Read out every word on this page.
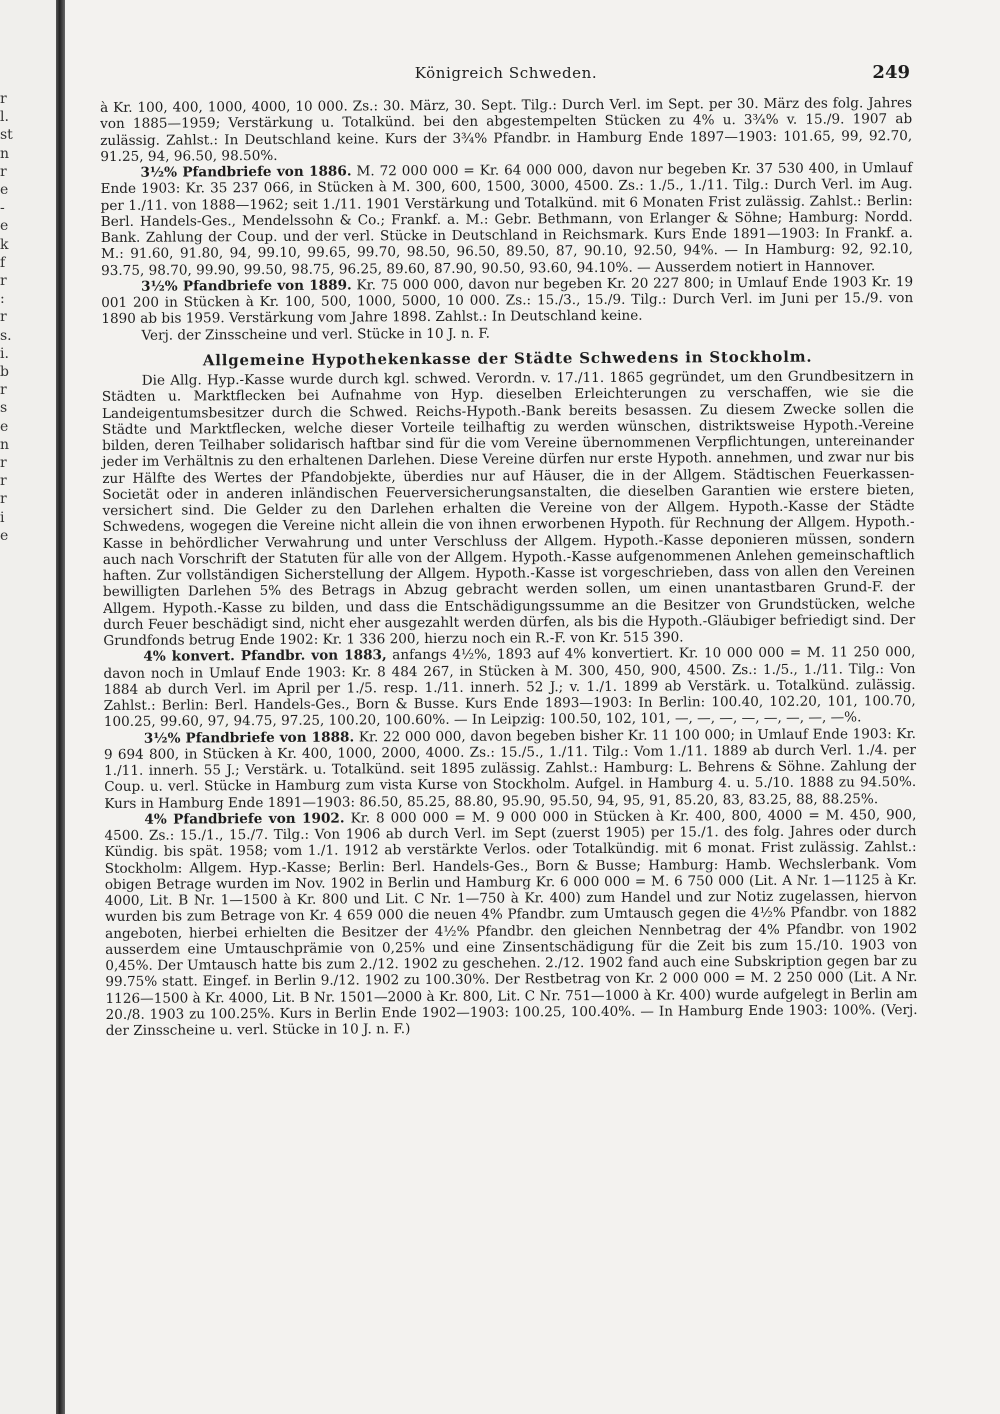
r
l.
st
n
r
e
-
e
k
f
r
:
r
s.
i.
b
r
s
e
n
r
r
r
i
e
Königreich Schweden.	249

à Kr. 100, 400, 1000, 4000, 10 000. Zs.: 30. März, 30. Sept. Tilg.: Durch Verl. im Sept. per 30. März des folg. Jahres von 1885—1959; Verstärkung u. Totalkünd. bei den abgestempelten Stücken zu 4% u. 3¾% v. 15./9. 1907 ab zulässig. Zahlst.: In Deutschland keine. Kurs der 3¾% Pfandbr. in Hamburg Ende 1897—1903: 101.65, 99, 92.70, 91.25, 94, 96.50, 98.50%.

3½% Pfandbriefe von 1886. M. 72 000 000 = Kr. 64 000 000, davon nur begeben Kr. 37 530 400, in Umlauf Ende 1903: Kr. 35 237 066, in Stücken à M. 300, 600, 1500, 3000, 4500. Zs.: 1./5., 1./11. Tilg.: Durch Verl. im Aug. per 1./11. von 1888—1962; seit 1./11. 1901 Verstärkung und Totalkünd. mit 6 Monaten Frist zulässig. Zahlst.: Berlin: Berl. Handels-Ges., Mendelssohn & Co.; Frankf. a. M.: Gebr. Bethmann, von Erlanger & Söhne; Hamburg: Nordd. Bank. Zahlung der Coup. und der verl. Stücke in Deutschland in Reichsmark. Kurs Ende 1891—1903: In Frankf. a. M.: 91.60, 91.80, 94, 99.10, 99.65, 99.70, 98.50, 96.50, 89.50, 87, 90.10, 92.50, 94%. — In Hamburg: 92, 92.10, 93.75, 98.70, 99.90, 99.50, 98.75, 96.25, 89.60, 87.90, 90.50, 93.60, 94.10%. — Ausserdem notiert in Hannover.

3½% Pfandbriefe von 1889. Kr. 75 000 000, davon nur begeben Kr. 20 227 800; in Umlauf Ende 1903 Kr. 19 001 200 in Stücken à Kr. 100, 500, 1000, 5000, 10 000. Zs.: 15./3., 15./9. Tilg.: Durch Verl. im Juni per 15./9. von 1890 ab bis 1959. Verstärkung vom Jahre 1898. Zahlst.: In Deutschland keine.

Verj. der Zinsscheine und verl. Stücke in 10 J. n. F.

Allgemeine Hypothekenkasse der Städte Schwedens in Stockholm.

Die Allg. Hyp.-Kasse wurde durch kgl. schwed. Verordn. v. 17./11. 1865 gegründet, um den Grundbesitzern in Städten u. Marktflecken bei Aufnahme von Hyp. dieselben Erleichterungen zu verschaffen, wie sie die Landeigentumsbesitzer durch die Schwed. Reichs-Hypoth.-Bank bereits besassen. Zu diesem Zwecke sollen die Städte und Marktflecken, welche dieser Vorteile teilhaftig zu werden wünschen, distriktsweise Hypoth.-Vereine bilden, deren Teilhaber solidarisch haftbar sind für die vom Vereine übernommenen Verpflichtungen, untereinander jeder im Verhältnis zu den erhaltenen Darlehen. Diese Vereine dürfen nur erste Hypoth. annehmen, und zwar nur bis zur Hälfte des Wertes der Pfandobjekte, überdies nur auf Häuser, die in der Allgem. Städtischen Feuerkassen-Societät oder in anderen inländischen Feuerversicherungsanstalten, die dieselben Garantien wie erstere bieten, versichert sind. Die Gelder zu den Darlehen erhalten die Vereine von der Allgem. Hypoth.-Kasse der Städte Schwedens, wogegen die Vereine nicht allein die von ihnen erworbenen Hypoth. für Rechnung der Allgem. Hypoth.-Kasse in behördlicher Verwahrung und unter Verschluss der Allgem. Hypoth.-Kasse deponieren müssen, sondern auch nach Vorschrift der Statuten für alle von der Allgem. Hypoth.-Kasse aufgenommenen Anlehen gemeinschaftlich haften. Zur vollständigen Sicherstellung der Allgem. Hypoth.-Kasse ist vorgeschrieben, dass von allen den Vereinen bewilligten Darlehen 5% des Betrags in Abzug gebracht werden sollen, um einen unantastbaren Grund-F. der Allgem. Hypoth.-Kasse zu bilden, und dass die Entschädigungssumme an die Besitzer von Grundstücken, welche durch Feuer beschädigt sind, nicht eher ausgezahlt werden dürfen, als bis die Hypoth.-Gläubiger befriedigt sind. Der Grundfonds betrug Ende 1902: Kr. 1 336 200, hierzu noch ein R.-F. von Kr. 515 390.

4% konvert. Pfandbr. von 1883, anfangs 4½%, 1893 auf 4% konvertiert. Kr. 10 000 000 = M. 11 250 000, davon noch in Umlauf Ende 1903: Kr. 8 484 267, in Stücken à M. 300, 450, 900, 4500. Zs.: 1./5., 1./11. Tilg.: Von 1884 ab durch Verl. im April per 1./5. resp. 1./11. innerh. 52 J.; v. 1./1. 1899 ab Verstärk. u. Totalkünd. zulässig. Zahlst.: Berlin: Berl. Handels-Ges., Born & Busse. Kurs Ende 1893—1903: In Berlin: 100.40, 102.20, 101, 100.70, 100.25, 99.60, 97, 94.75, 97.25, 100.20, 100.60%. — In Leipzig: 100.50, 102, 101, —, —, —, —, —, —, —, —%.

3½% Pfandbriefe von 1888. Kr. 22 000 000, davon begeben bisher Kr. 11 100 000; in Umlauf Ende 1903: Kr. 9 694 800, in Stücken à Kr. 400, 1000, 2000, 4000. Zs.: 15./5., 1./11. Tilg.: Vom 1./11. 1889 ab durch Verl. 1./4. per 1./11. innerh. 55 J.; Verstärk. u. Totalkünd. seit 1895 zulässig. Zahlst.: Hamburg: L. Behrens & Söhne. Zahlung der Coup. u. verl. Stücke in Hamburg zum vista Kurse von Stockholm. Aufgel. in Hamburg 4. u. 5./10. 1888 zu 94.50%. Kurs in Hamburg Ende 1891—1903: 86.50, 85.25, 88.80, 95.90, 95.50, 94, 95, 91, 85.20, 83, 83.25, 88, 88.25%.

4% Pfandbriefe von 1902. Kr. 8 000 000 = M. 9 000 000 in Stücken à Kr. 400, 800, 4000 = M. 450, 900, 4500. Zs.: 15./1., 15./7. Tilg.: Von 1906 ab durch Verl. im Sept (zuerst 1905) per 15./1. des folg. Jahres oder durch Kündig. bis spät. 1958; vom 1./1. 1912 ab verstärkte Verlos. oder Totalkündig. mit 6 monat. Frist zulässig. Zahlst.: Stockholm: Allgem. Hyp.-Kasse; Berlin: Berl. Handels-Ges., Born & Busse; Hamburg: Hamb. Wechslerbank. Vom obigen Betrage wurden im Nov. 1902 in Berlin und Hamburg Kr. 6 000 000 = M. 6 750 000 (Lit. A Nr. 1—1125 à Kr. 4000, Lit. B Nr. 1—1500 à Kr. 800 und Lit. C Nr. 1—750 à Kr. 400) zum Handel und zur Notiz zugelassen, hiervon wurden bis zum Betrage von Kr. 4 659 000 die neuen 4% Pfandbr. zum Umtausch gegen die 4½% Pfandbr. von 1882 angeboten, hierbei erhielten die Besitzer der 4½% Pfandbr. den gleichen Nennbetrag der 4% Pfandbr. von 1902 ausserdem eine Umtauschprämie von 0,25% und eine Zinsentschädigung für die Zeit bis zum 15./10. 1903 von 0,45%. Der Umtausch hatte bis zum 2./12. 1902 zu geschehen. 2./12. 1902 fand auch eine Subskription gegen bar zu 99.75% statt. Eingef. in Berlin 9./12. 1902 zu 100.30%. Der Restbetrag von Kr. 2 000 000 = M. 2 250 000 (Lit. A Nr. 1126—1500 à Kr. 4000, Lit. B Nr. 1501—2000 à Kr. 800, Lit. C Nr. 751—1000 à Kr. 400) wurde aufgelegt in Berlin am 20./8. 1903 zu 100.25%. Kurs in Berlin Ende 1902—1903: 100.25, 100.40%. — In Hamburg Ende 1903: 100%. (Verj. der Zinsscheine u. verl. Stücke in 10 J. n. F.)
